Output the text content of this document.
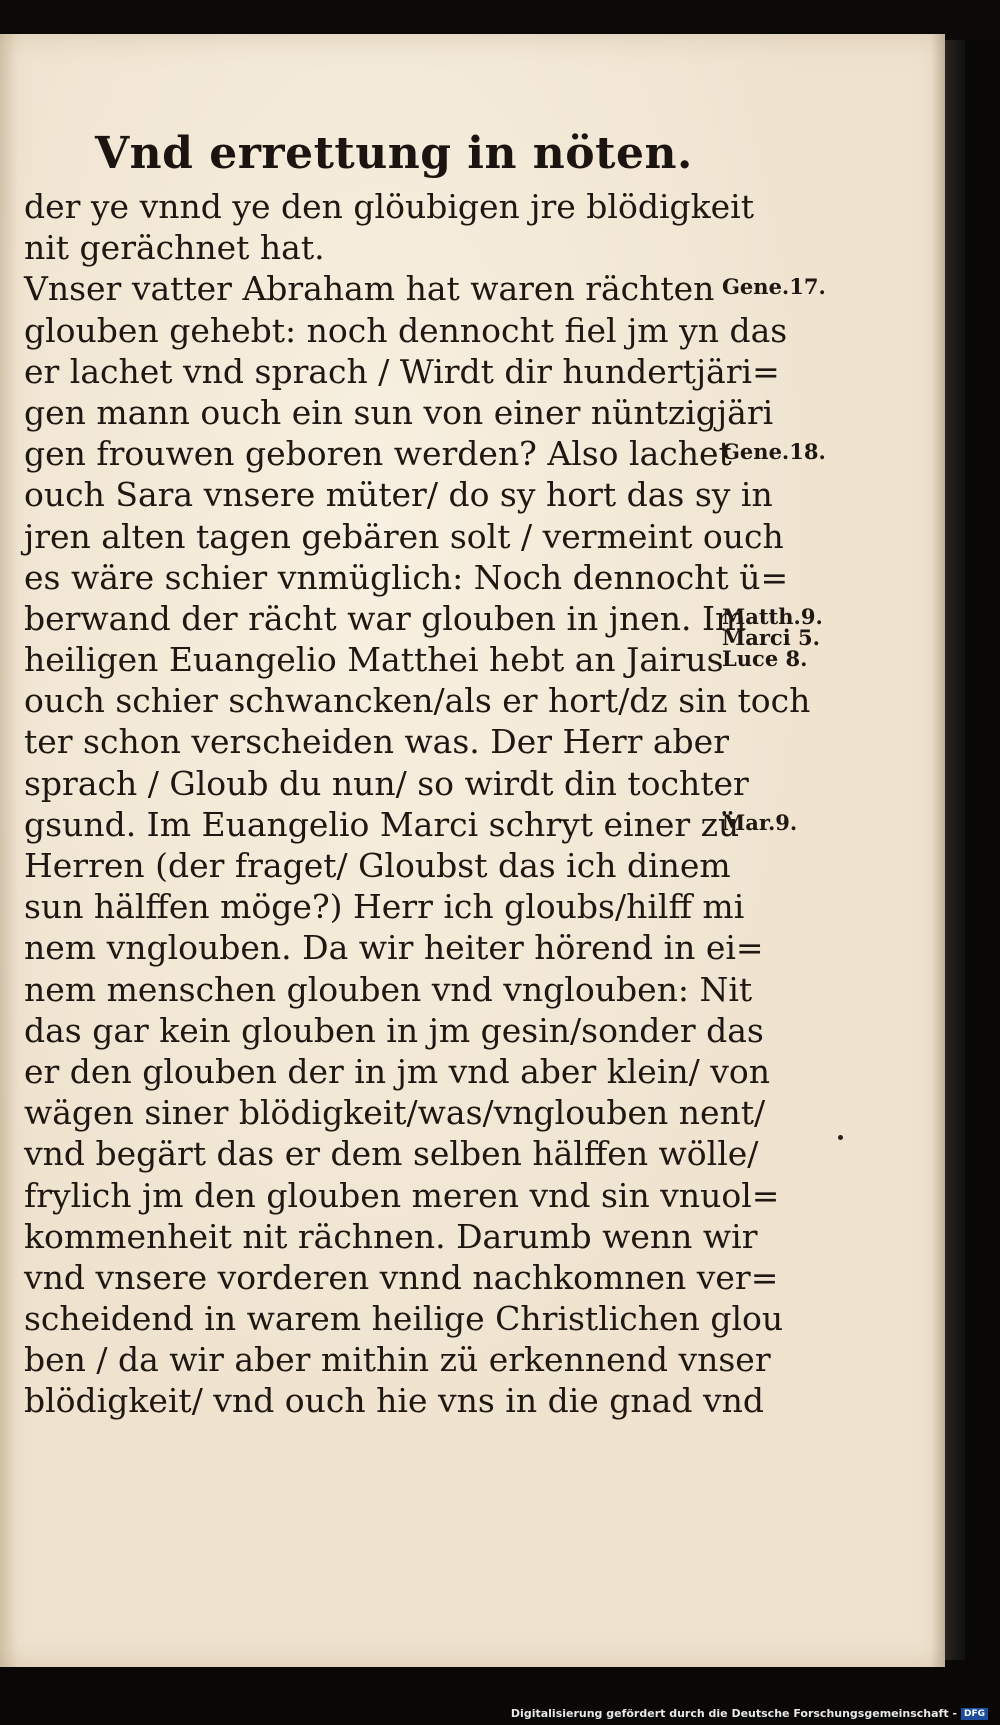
Vnd errettung in nöten.
der ye vnnd ye den glöubigen jre blödigkeit
nit gerächnet hat.
Vnser vatter Abraham hat waren rächten
glouben gehebt: noch dennocht fiel jm yn das
er lachet vnd sprach / Wirdt dir hundertjäri=
gen mann ouch ein sun von einer nüntzigjäri
gen frouwen geboren werden? Also lachet
ouch Sara vnsere müter/ do sy hort das sy in
jren alten tagen gebären solt / vermeint ouch
es wäre schier vnmüglich: Noch dennocht ü=
berwand der rächt war glouben in jnen. Im
heiligen Euangelio Matthei hebt an Jairus
ouch schier schwancken/als er hort/dz sin toch
ter schon verscheiden was. Der Herr aber
sprach / Gloub du nun/ so wirdt din tochter
gsund. Im Euangelio Marci schryt einer zü
Herren (der fraget/ Gloubst das ich dinem
sun hälffen möge?) Herr ich gloubs/hilff mi
nem vnglouben. Da wir heiter hörend in ei=
nem menschen glouben vnd vnglouben: Nit
das gar kein glouben in jm gesin/sonder das
er den glouben der in jm vnd aber klein/ von
wägen siner blödigkeit/was/vnglouben nent/
vnd begärt das er dem selben hälffen wölle/
frylich jm den glouben meren vnd sin vnuol=
kommenheit nit rächnen. Darumb wenn wir
vnd vnsere vorderen vnnd nachkomnen ver=
scheidend in warem heilige Christlichen glou
ben / da wir aber mithin zü erkennend vnser
blödigkeit/ vnd ouch hie vns in die gnad vnd
Gene.17.
Gene.18.
Matth.9.
Marci 5.
Luce 8.
Mar.9.
Digitalisierung gefördert durch die Deutsche Forschungsgemeinschaft - DFG
